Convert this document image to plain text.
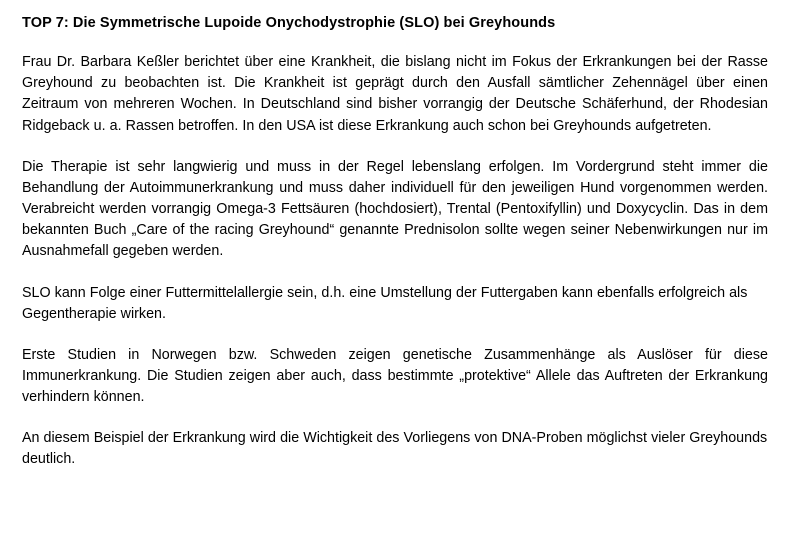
TOP 7: Die Symmetrische Lupoide Onychodystrophie (SLO) bei Greyhounds

Frau Dr. Barbara Keßler berichtet über eine Krankheit, die bislang nicht im Fokus der Erkrankungen bei der Rasse Greyhound zu beobachten ist. Die Krankheit ist geprägt durch den Ausfall sämtlicher Zehennägel über einen Zeitraum von mehreren Wochen. In Deutschland sind bisher vorrangig der Deutsche Schäferhund, der Rhodesian Ridgeback u. a. Rassen betroffen. In den USA ist diese Erkrankung auch schon bei Greyhounds aufgetreten.

Die Therapie ist sehr langwierig und muss in der Regel lebenslang erfolgen. Im Vordergrund steht immer die Behandlung der Autoimmunerkrankung und muss daher individuell für den jeweiligen Hund vorgenommen werden. Verabreicht werden vorrangig Omega-3 Fettsäuren (hochdosiert), Trental (Pentoxifyllin) und Doxycyclin. Das in dem bekannten Buch „Care of the racing Greyhound“ genannte Prednisolon sollte wegen seiner Nebenwirkungen nur im Ausnahmefall gegeben werden.

SLO kann Folge einer Futtermittelallergie sein, d.h. eine Umstellung der Futtergaben kann ebenfalls erfolgreich als Gegentherapie wirken.

Erste Studien in Norwegen bzw. Schweden zeigen genetische Zusammenhänge als Auslöser für diese Immunerkrankung. Die Studien zeigen aber auch, dass bestimmte „protektive“ Allele das Auftreten der Erkrankung verhindern können.

An diesem Beispiel der Erkrankung wird die Wichtigkeit des Vorliegens von DNA-Proben möglichst vieler Greyhounds deutlich.
